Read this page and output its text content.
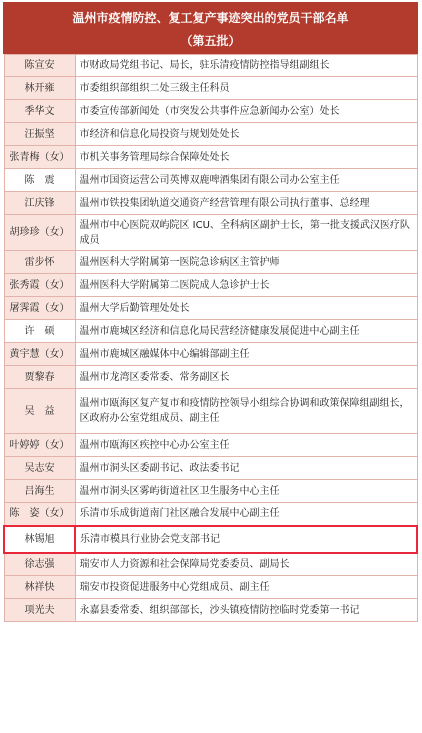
温州市疫情防控、复工复产事迹突出的党员干部名单
（第五批）
陈宣安	市财政局党组书记、局长，驻乐清疫情防控指导组副组长
林开雍	市委组织部组织二处三级主任科员
季华文	市委宣传部新闻处（市突发公共事件应急新闻办公室）处长
汪振坚	市经济和信息化局投资与规划处处长
张青梅（女）	市机关事务管理局综合保障处处长
陈　震	温州市国资运营公司英博双鹿啤酒集团有限公司办公室主任
江庆锋	温州市铁投集团轨道交通资产经营管理有限公司执行董事、总经理
胡珍珍（女）	温州市中心医院双屿院区 ICU、全科病区副护士长，第一批支援武汉医疗队成员
雷步怀	温州医科大学附属第一医院急诊病区主管护师
张秀霞（女）	温州医科大学附属第二医院成人急诊护士长
屠霁霞（女）	温州大学后勤管理处处长
许　硕	温州市鹿城区经济和信息化局民营经济健康发展促进中心副主任
黄宇慧（女）	温州市鹿城区融媒体中心编辑部副主任
贾黎春	温州市龙湾区委常委、常务副区长
吴　益	温州市瓯海区复产复市和疫情防控领导小组综合协调和政策保障组副组长，区政府办公室党组成员、副主任
叶婷婷（女）	温州市瓯海区疾控中心办公室主任
吴志安	温州市洞头区委副书记、政法委书记
吕海生	温州市洞头区雾屿街道社区卫生服务中心主任
陈　姿（女）	乐清市乐成街道南门社区融合发展中心副主任
林锡旭	乐清市模具行业协会党支部书记
徐志强	瑞安市人力资源和社会保障局党委委员、副局长
林祥快	瑞安市投资促进服务中心党组成员、副主任
项光夫	永嘉县委常委、组织部部长，沙头镇疫情防控临时党委第一书记
